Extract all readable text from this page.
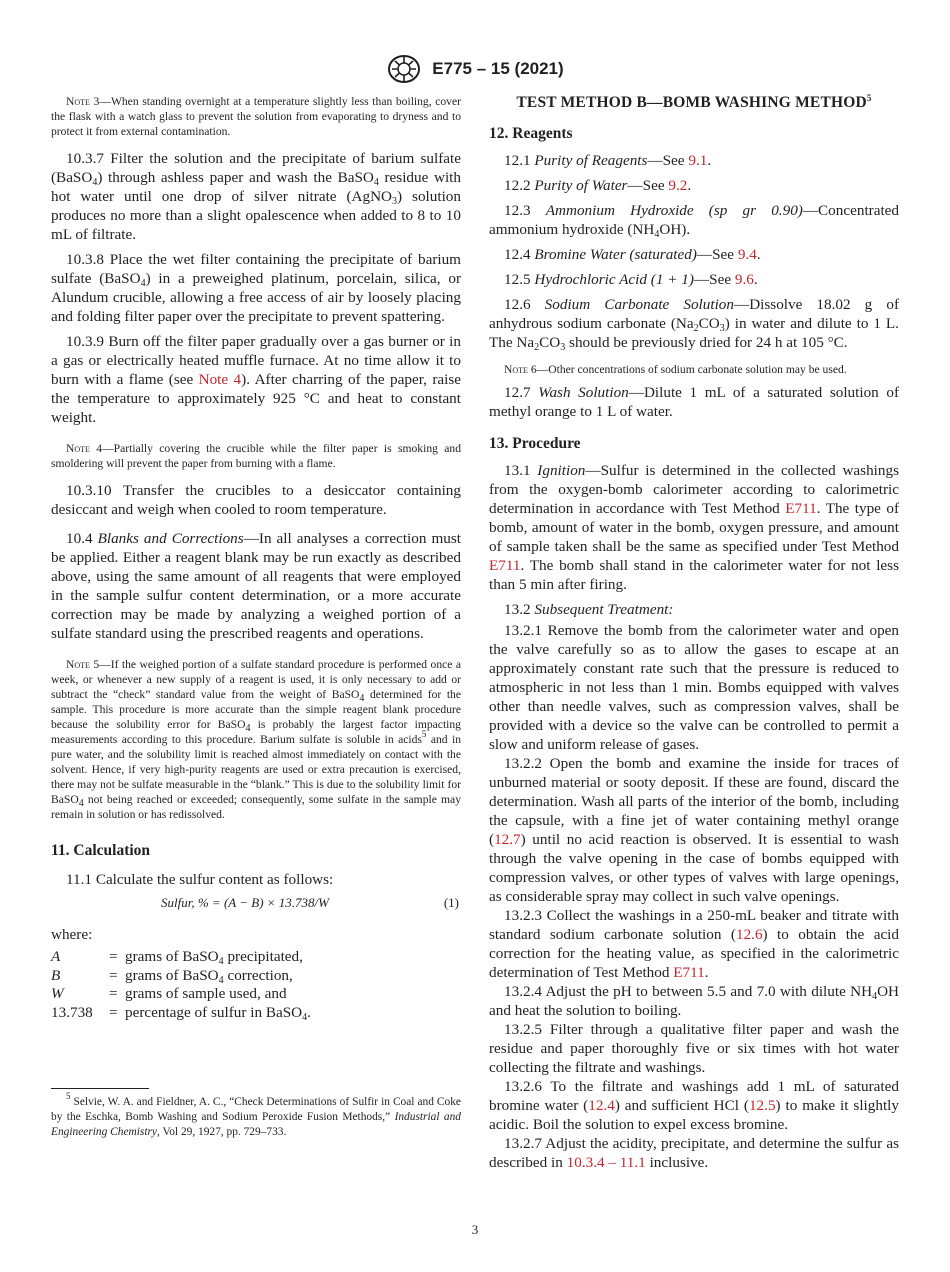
E775 – 15 (2021)

Note 3—When standing overnight at a temperature slightly less than boiling, cover the flask with a watch glass to prevent the solution from evaporating to dryness and to protect it from external contamination.

10.3.7 Filter the solution and the precipitate of barium sulfate (BaSO$_4$) through ashless paper and wash the BaSO$_4$ residue with hot water until one drop of silver nitrate (AgNO$_3$) solution produces no more than a slight opalescence when added to 8 to 10 mL of filtrate.

10.3.8 Place the wet filter containing the precipitate of barium sulfate (BaSO$_4$) in a preweighed platinum, porcelain, silica, or Alundum crucible, allowing a free access of air by loosely placing and folding filter paper over the precipitate to prevent spattering.

10.3.9 Burn off the filter paper gradually over a gas burner or in a gas or electrically heated muffle furnace. At no time allow it to burn with a flame (see Note 4). After charring of the paper, raise the temperature to approximately 925 °C and heat to constant weight.

Note 4—Partially covering the crucible while the filter paper is smoking and smoldering will prevent the paper from burning with a flame.

10.3.10 Transfer the crucibles to a desiccator containing desiccant and weigh when cooled to room temperature.

10.4 Blanks and Corrections—In all analyses a correction must be applied. Either a reagent blank may be run exactly as described above, using the same amount of all reagents that were employed in the sample sulfur content determination, or a more accurate correction may be made by analyzing a weighed portion of a sulfate standard using the prescribed reagents and operations.

Note 5—If the weighed portion of a sulfate standard procedure is performed once a week, or whenever a new supply of a reagent is used, it is only necessary to add or subtract the “check” standard value from the weight of BaSO$_4$ determined for the sample. This procedure is more accurate than the simple reagent blank procedure because the solubility error for BaSO$_4$ is probably the largest factor impacting measurements according to this procedure. Barium sulfate is soluble in acids$^5$ and in pure water, and the solubility limit is reached almost immediately on contact with the solvent. Hence, if very high-purity reagents are used or extra precaution is exercised, there may not be sulfate measurable in the “blank.” This is due to the solubility limit for BaSO$_4$ not being reached or exceeded; consequently, some sulfate in the sample may remain in solution or has redissolved.

11. Calculation

11.1 Calculate the sulfur content as follows:

Sulfur, % = (A − B) × 13.738/W	(1)

where:

A	= grams of BaSO$_4$ precipitated,
B	= grams of BaSO$_4$ correction,
W	= grams of sample used, and
13.738	= percentage of sulfur in BaSO$_4$.

$^5$ Selvie, W. A. and Fieldner, A. C., “Check Determinations of Sulfir in Coal and Coke by the Eschka, Bomb Washing and Sodium Peroxide Fusion Methods,” Industrial and Engineering Chemistry, Vol 29, 1927, pp. 729–733.

TEST METHOD B—BOMB WASHING METHOD$^5$

12. Reagents

12.1 Purity of Reagents—See 9.1.

12.2 Purity of Water—See 9.2.

12.3 Ammonium Hydroxide (sp gr 0.90)—Concentrated ammonium hydroxide $(NH_4OH)$.

12.4 Bromine Water (saturated)—See 9.4.

12.5 Hydrochloric Acid (1 + 1)—See 9.6.

12.6 Sodium Carbonate Solution—Dissolve 18.02 g of anhydrous sodium carbonate $(Na_2CO_3)$ in water and dilute to 1 L. The $Na_2CO_3$ should be previously dried for 24 h at 105 °C.

Note 6—Other concentrations of sodium carbonate solution may be used.

12.7 Wash Solution—Dilute 1 mL of a saturated solution of methyl orange to 1 L of water.

13. Procedure

13.1 Ignition—Sulfur is determined in the collected washings from the oxygen-bomb calorimeter according to calorimetric determination in accordance with Test Method E711. The type of bomb, amount of water in the bomb, oxygen pressure, and amount of sample taken shall be the same as specified under Test Method E711. The bomb shall stand in the calorimeter water for not less than 5 min after firing.

13.2 Subsequent Treatment:

13.2.1 Remove the bomb from the calorimeter water and open the valve carefully so as to allow the gases to escape at an approximately constant rate such that the pressure is reduced to atmospheric in not less than 1 min. Bombs equipped with valves other than needle valves, such as compression valves, shall be provided with a device so the valve can be controlled to permit a slow and uniform release of gases.

13.2.2 Open the bomb and examine the inside for traces of unburned material or sooty deposit. If these are found, discard the determination. Wash all parts of the interior of the bomb, including the capsule, with a fine jet of water containing methyl orange (12.7) until no acid reaction is observed. It is essential to wash through the valve opening in the case of bombs equipped with compression valves, or other types of valves with large openings, as considerable spray may collect in such valve openings.

13.2.3 Collect the washings in a 250-mL beaker and titrate with standard sodium carbonate solution (12.6) to obtain the acid correction for the heating value, as specified in the calorimetric determination of Test Method E711.

13.2.4 Adjust the pH to between 5.5 and 7.0 with dilute $NH_4OH$ and heat the solution to boiling.

13.2.5 Filter through a qualitative filter paper and wash the residue and paper thoroughly five or six times with hot water collecting the filtrate and washings.

13.2.6 To the filtrate and washings add 1 mL of saturated bromine water (12.4) and sufficient HCl (12.5) to make it slightly acidic. Boil the solution to expel excess bromine.

13.2.7 Adjust the acidity, precipitate, and determine the sulfur as described in 10.3.4 – 11.1 inclusive.

3
